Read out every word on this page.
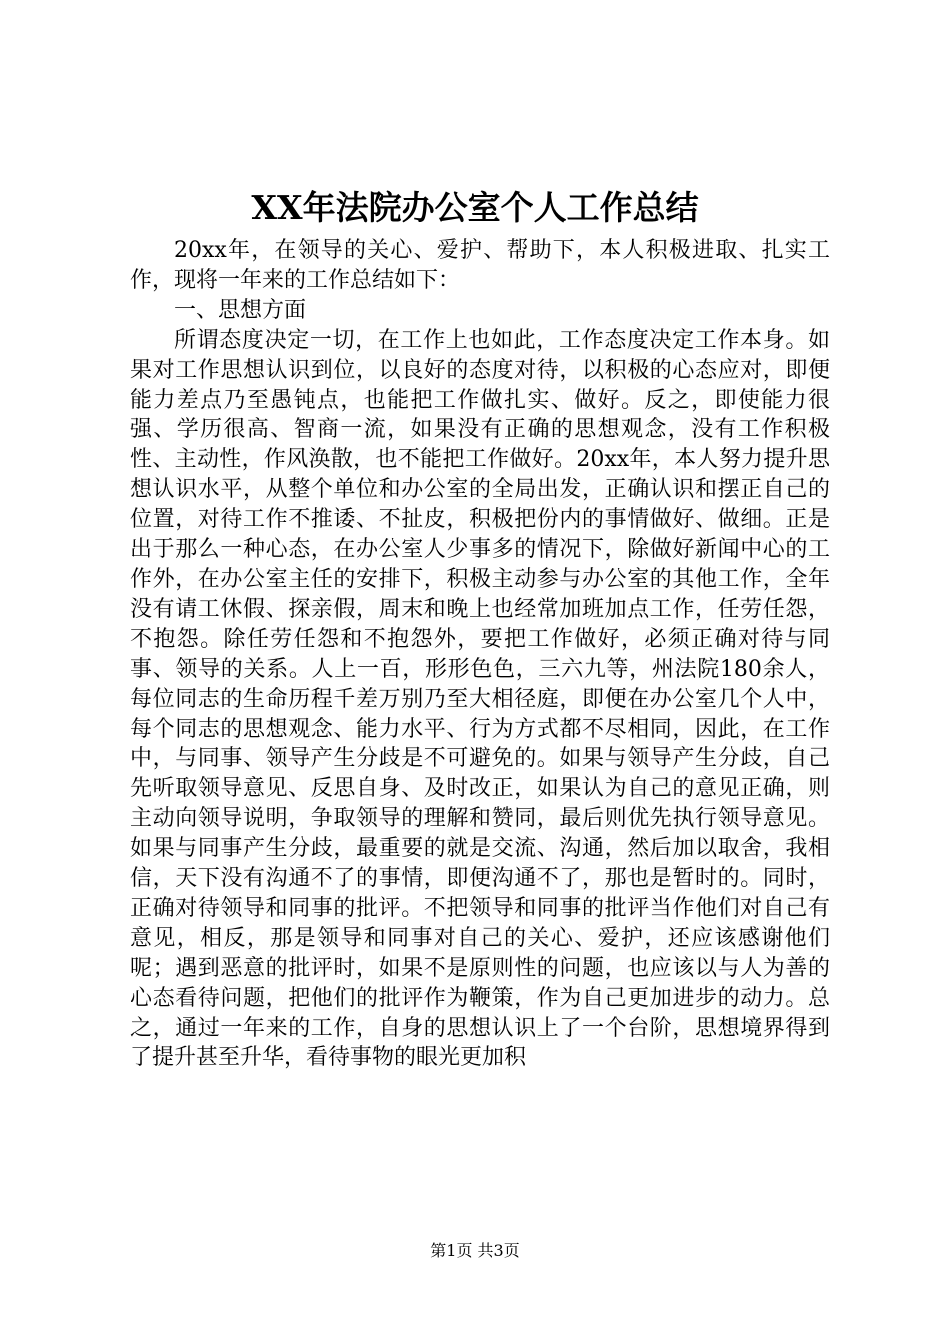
XX年法院办公室个人工作总结

20xx年，在领导的关心、爱护、帮助下，本人积极进取、扎实工作，现将一年来的工作总结如下：

一、思想方面

所谓态度决定一切，在工作上也如此，工作态度决定工作本身。如果对工作思想认识到位，以良好的态度对待，以积极的心态应对，即便能力差点乃至愚钝点，也能把工作做扎实、做好。反之，即使能力很强、学历很高、智商一流，如果没有正确的思想观念，没有工作积极性、主动性，作风涣散，也不能把工作做好。20xx年，本人努力提升思想认识水平，从整个单位和办公室的全局出发，正确认识和摆正自己的位置，对待工作不推诿、不扯皮，积极把份内的事情做好、做细。正是出于那么一种心态，在办公室人少事多的情况下，除做好新闻中心的工作外，在办公室主任的安排下，积极主动参与办公室的其他工作，全年没有请工休假、探亲假，周末和晚上也经常加班加点工作，任劳任怨，不抱怨。除任劳任怨和不抱怨外，要把工作做好，必须正确对待与同事、领导的关系。人上一百，形形色色，三六九等，州法院180余人，每位同志的生命历程千差万别乃至大相径庭，即便在办公室几个人中，每个同志的思想观念、能力水平、行为方式都不尽相同，因此，在工作中，与同事、领导产生分歧是不可避免的。如果与领导产生分歧，自己先听取领导意见、反思自身、及时改正，如果认为自己的意见正确，则主动向领导说明，争取领导的理解和赞同，最后则优先执行领导意见。如果与同事产生分歧，最重要的就是交流、沟通，然后加以取舍，我相信，天下没有沟通不了的事情，即便沟通不了，那也是暂时的。同时，正确对待领导和同事的批评。不把领导和同事的批评当作他们对自己有意见，相反，那是领导和同事对自己的关心、爱护，还应该感谢他们呢；遇到恶意的批评时，如果不是原则性的问题，也应该以与人为善的心态看待问题，把他们的批评作为鞭策，作为自己更加进步的动力。总之，通过一年来的工作，自身的思想认识上了一个台阶，思想境界得到了提升甚至升华，看待事物的眼光更加积

第1页 共3页
